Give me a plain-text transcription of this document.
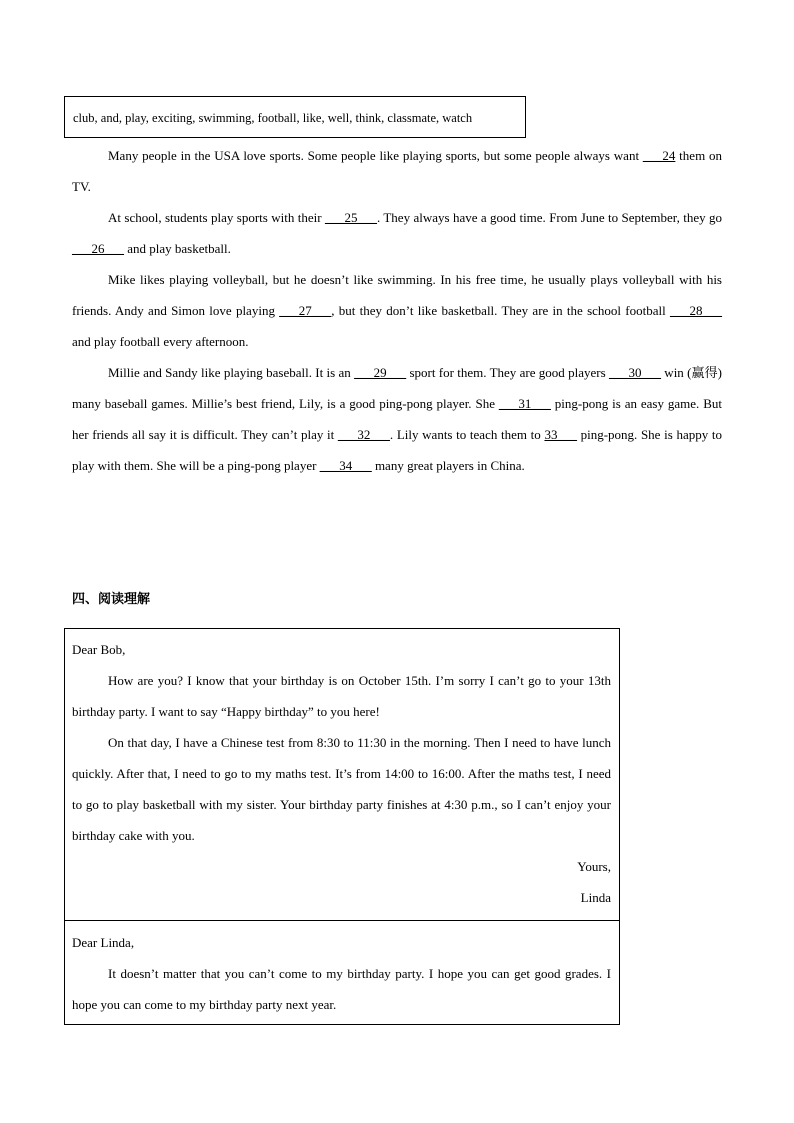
club, and, play, exciting, swimming, football, like, well, think, classmate, watch

Many people in the USA love sports. Some people like playing sports, but some people always want ___24 them on TV.

At school, students play sports with their ___25___. They always have a good time. From June to September, they go ___26___ and play basketball.

Mike likes playing volleyball, but he doesn’t like swimming. In his free time, he usually plays volleyball with his friends. Andy and Simon love playing ___27___, but they don’t like basketball. They are in the school football ___28___ and play football every afternoon.

Millie and Sandy like playing baseball. It is an ___29___ sport for them. They are good players ___30___ win (赢得) many baseball games. Millie’s best friend, Lily, is a good ping-pong player. She ___31___ ping-pong is an easy game. But her friends all say it is difficult. They can’t play it ___32___. Lily wants to teach them to 33___ ping-pong. She is happy to play with them. She will be a ping-pong player ___34___ many great players in China.

四、阅读理解

Dear Bob,

How are you? I know that your birthday is on October 15th. I’m sorry I can’t go to your 13th birthday party. I want to say “Happy birthday” to you here!

On that day, I have a Chinese test from 8:30 to 11:30 in the morning. Then I need to have lunch quickly. After that, I need to go to my maths test. It’s from 14:00 to 16:00. After the maths test, I need to go to play basketball with my sister. Your birthday party finishes at 4:30 p.m., so I can’t enjoy your birthday cake with you.

Yours,

Linda

Dear Linda,

It doesn’t matter that you can’t come to my birthday party. I hope you can get good grades. I hope you can come to my birthday party next year.
